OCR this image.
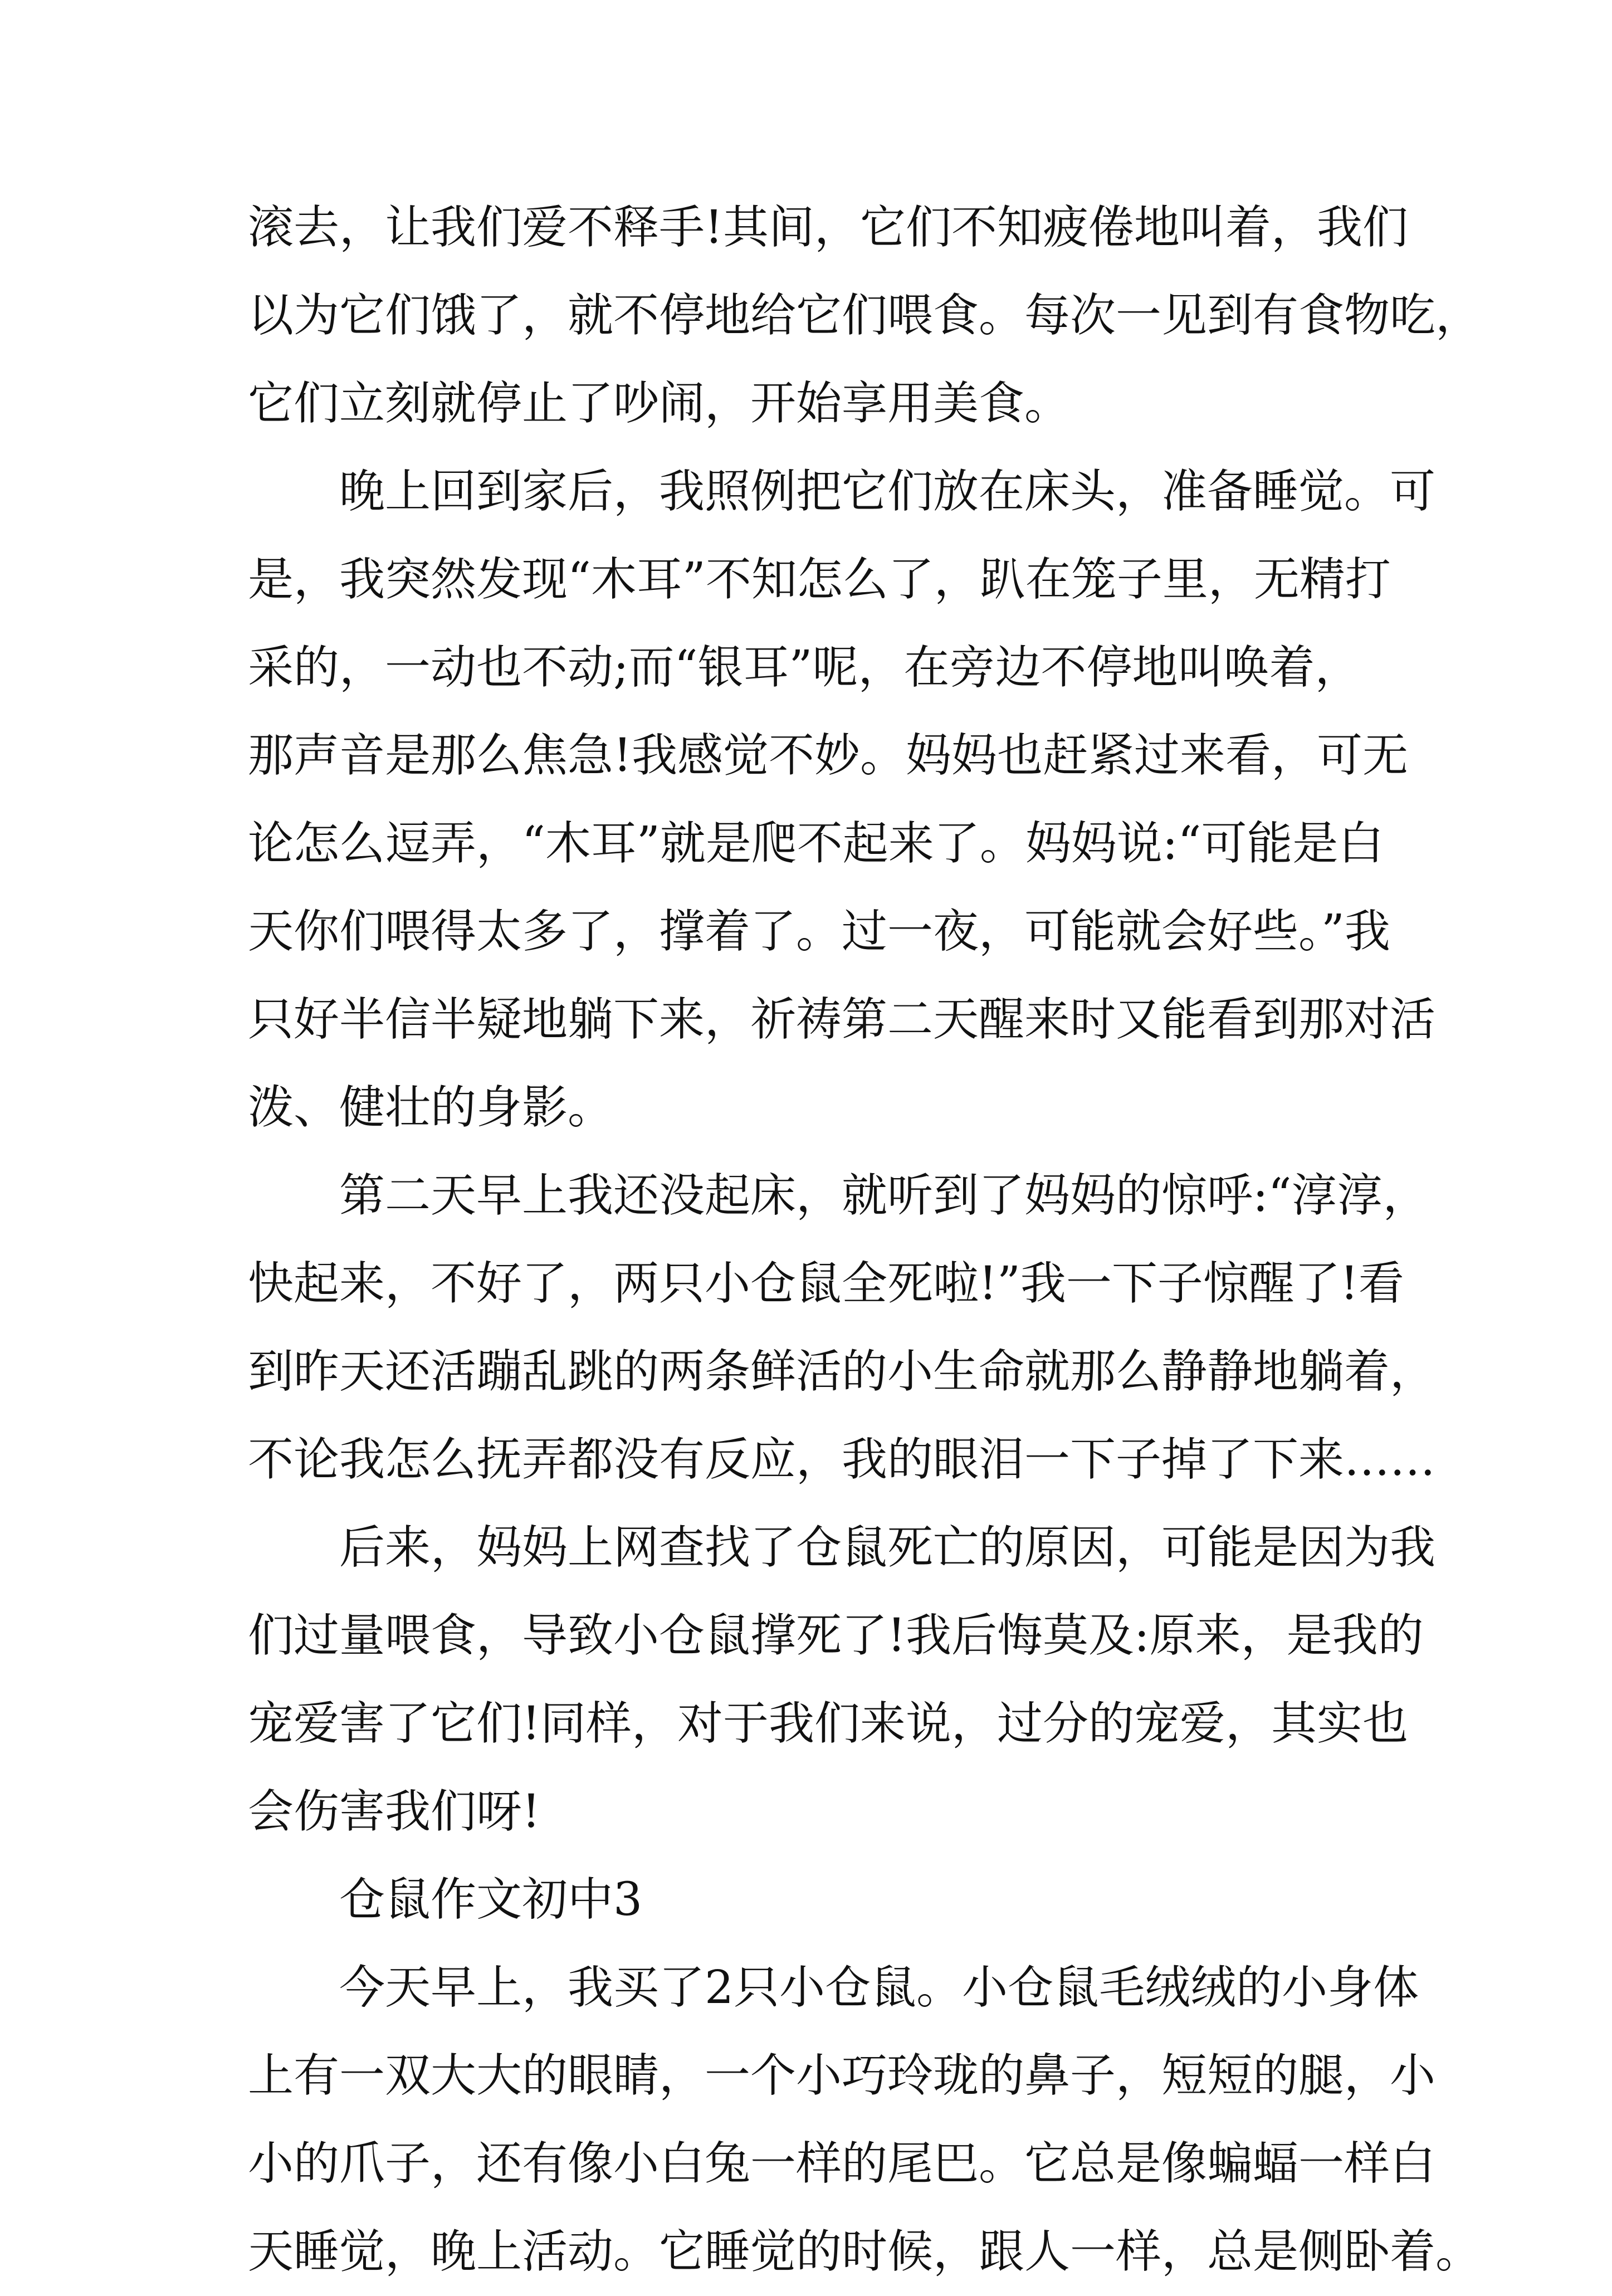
滚去，让我们爱不释手!其间，它们不知疲倦地叫着，我们
以为它们饿了，就不停地给它们喂食。每次一见到有食物吃，
它们立刻就停止了吵闹，开始享用美食。
晚上回到家后，我照例把它们放在床头，准备睡觉。可
是，我突然发现“木耳”不知怎么了，趴在笼子里，无精打
采的，一动也不动;而“银耳”呢，在旁边不停地叫唤着，
那声音是那么焦急!我感觉不妙。妈妈也赶紧过来看，可无
论怎么逗弄，“木耳”就是爬不起来了。妈妈说:“可能是白
天你们喂得太多了，撑着了。过一夜，可能就会好些。”我
只好半信半疑地躺下来，祈祷第二天醒来时又能看到那对活
泼、健壮的身影。
第二天早上我还没起床，就听到了妈妈的惊呼:“淳淳，
快起来，不好了，两只小仓鼠全死啦!”我一下子惊醒了!看
到昨天还活蹦乱跳的两条鲜活的小生命就那么静静地躺着，
不论我怎么抚弄都没有反应，我的眼泪一下子掉了下来……
后来，妈妈上网查找了仓鼠死亡的原因，可能是因为我
们过量喂食，导致小仓鼠撑死了!我后悔莫及:原来，是我的
宠爱害了它们!同样，对于我们来说，过分的宠爱，其实也
会伤害我们呀!
仓鼠作文初中3
今天早上，我买了2只小仓鼠。小仓鼠毛绒绒的小身体
上有一双大大的眼睛，一个小巧玲珑的鼻子，短短的腿，小
小的爪子，还有像小白兔一样的尾巴。它总是像蝙蝠一样白
天睡觉，晚上活动。它睡觉的时候，跟人一样，总是侧卧着。
